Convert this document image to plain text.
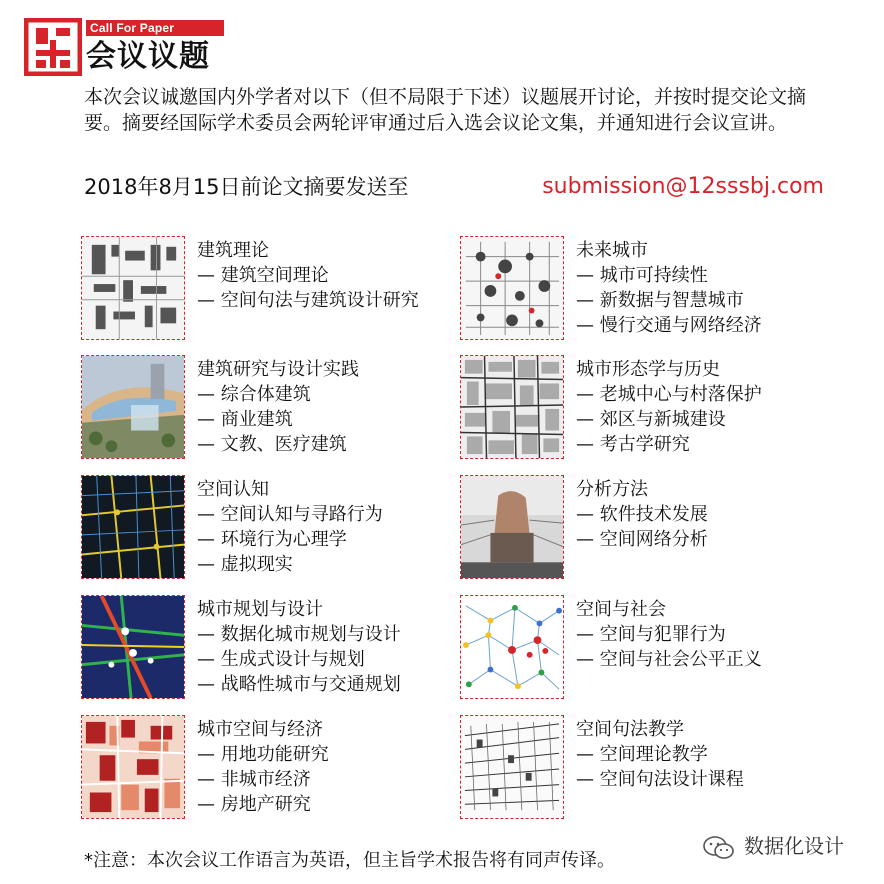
Call For Paper
会议议题
本次会议诚邀国内外学者对以下（但不局限于下述）议题展开讨论，并按时提交论文摘要。摘要经国际学术委员会两轮评审通过后入选会议论文集，并通知进行会议宣讲。
2018年8月15日前论文摘要发送至	submission@12sssbj.com
建筑理论
— 建筑空间理论
— 空间句法与建筑设计研究
未来城市
— 城市可持续性
— 新数据与智慧城市
— 慢行交通与网络经济
建筑研究与设计实践
— 综合体建筑
— 商业建筑
— 文教、医疗建筑
城市形态学与历史
— 老城中心与村落保护
— 郊区与新城建设
— 考古学研究
空间认知
— 空间认知与寻路行为
— 环境行为心理学
— 虚拟现实
分析方法
— 软件技术发展
— 空间网络分析
城市规划与设计
— 数据化城市规划与设计
— 生成式设计与规划
— 战略性城市与交通规划
空间与社会
— 空间与犯罪行为
— 空间与社会公平正义
城市空间与经济
— 用地功能研究
— 非城市经济
— 房地产研究
空间句法教学
— 空间理论教学
— 空间句法设计课程
*注意：本次会议工作语言为英语，但主旨学术报告将有同声传译。
数据化设计
